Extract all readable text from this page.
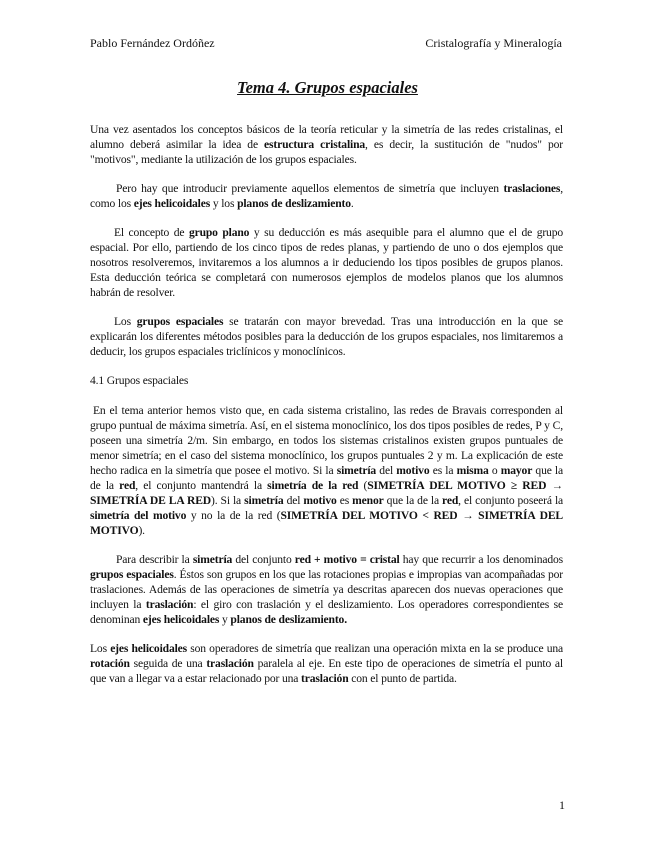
Pablo Fernández Ordóñez	Cristalografía y Mineralogía
Tema 4. Grupos espaciales

Una vez asentados los conceptos básicos de la teoría reticular y la simetría de las redes cristalinas, el alumno deberá asimilar la idea de estructura cristalina, es decir, la sustitución de "nudos" por "motivos", mediante la utilización de los grupos espaciales.

Pero hay que introducir previamente aquellos elementos de simetría que incluyen traslaciones, como los ejes helicoidales y los planos de deslizamiento.

El concepto de grupo plano y su deducción es más asequible para el alumno que el de grupo espacial. Por ello, partiendo de los cinco tipos de redes planas, y partiendo de uno o dos ejemplos que nosotros resolveremos, invitaremos a los alumnos a ir deduciendo los tipos posibles de grupos planos. Esta deducción teórica se completará con numerosos ejemplos de modelos planos que los alumnos habrán de resolver.

Los grupos espaciales se tratarán con mayor brevedad. Tras una introducción en la que se explicarán los diferentes métodos posibles para la deducción de los grupos espaciales, nos limitaremos a deducir, los grupos espaciales triclínicos y monoclínicos.

4.1 Grupos espaciales

En el tema anterior hemos visto que, en cada sistema cristalino, las redes de Bravais corresponden al grupo puntual de máxima simetría. Así, en el sistema monoclínico, los dos tipos posibles de redes, P y C, poseen una simetría 2/m. Sin embargo, en todos los sistemas cristalinos existen grupos puntuales de menor simetría; en el caso del sistema monoclínico, los grupos puntuales 2 y m. La explicación de este hecho radica en la simetría que posee el motivo. Si la simetría del motivo es la misma o mayor que la de la red, el conjunto mantendrá la simetría de la red (SIMETRÍA DEL MOTIVO ≥ RED → SIMETRÍA DE LA RED). Si la simetría del motivo es menor que la de la red, el conjunto poseerá la simetría del motivo y no la de la red (SIMETRÍA DEL MOTIVO < RED → SIMETRÍA DEL MOTIVO).

Para describir la simetría del conjunto red + motivo = cristal hay que recurrir a los denominados grupos espaciales. Éstos son grupos en los que las rotaciones propias e impropias van acompañadas por traslaciones. Además de las operaciones de simetría ya descritas aparecen dos nuevas operaciones que incluyen la traslación: el giro con traslación y el deslizamiento. Los operadores correspondientes se denominan ejes helicoidales y planos de deslizamiento.

Los ejes helicoidales son operadores de simetría que realizan una operación mixta en la se produce una rotación seguida de una traslación paralela al eje. En este tipo de operaciones de simetría el punto al que van a llegar va a estar relacionado por una traslación con el punto de partida.

1
